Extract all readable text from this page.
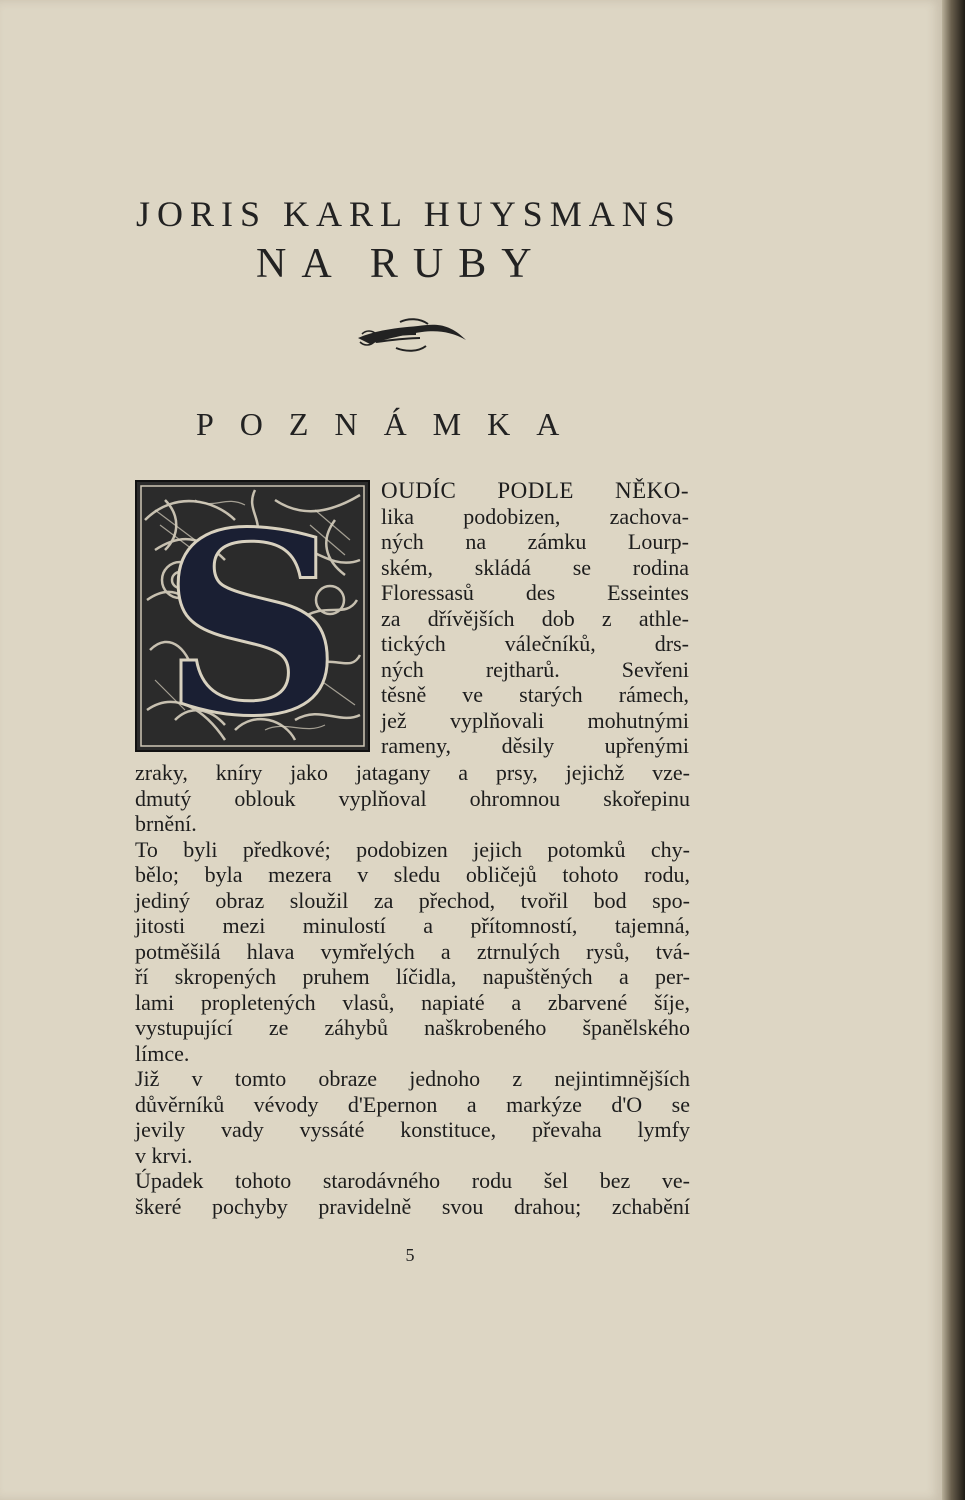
JORIS KARL HUYSMANS
NA RUBY
POZNÁMKA
S OUDÍC PODLE NĚKO-
lika podobizen, zachova-
ných na zámku Lourp-
ském, skládá se rodina
Floressasů des Esseintes
za dřívějších dob z athle-
tických válečníků, drs-
ných rejtharů. Sevřeni
těsně ve starých rámech,
jež vyplňovali mohutnými
rameny, děsily upřenými
zraky, kníry jako jatagany a prsy, jejichž vze-
dmutý oblouk vyplňoval ohromnou skořepinu
brnění.
To byli předkové; podobizen jejich potomků chy-
bělo; byla mezera v sledu obličejů tohoto rodu,
jediný obraz sloužil za přechod, tvořil bod spo-
jitosti mezi minulostí a přítomností, tajemná,
potměšilá hlava vymřelých a ztrnulých rysů, tvá-
ří skropených pruhem líčidla, napuštěných a per-
lami propletených vlasů, napiaté a zbarvené šíje,
vystupující ze záhybů naškrobeného španělského
límce.
Již v tomto obraze jednoho z nejintimnějších
důvěrníků vévody d'Epernon a markýze d'O se
jevily vady vyssáté konstituce, převaha lymfy
v krvi.
Úpadek tohoto starodávného rodu šel bez ve-
škeré pochyby pravidelně svou drahou; zchabění
5
